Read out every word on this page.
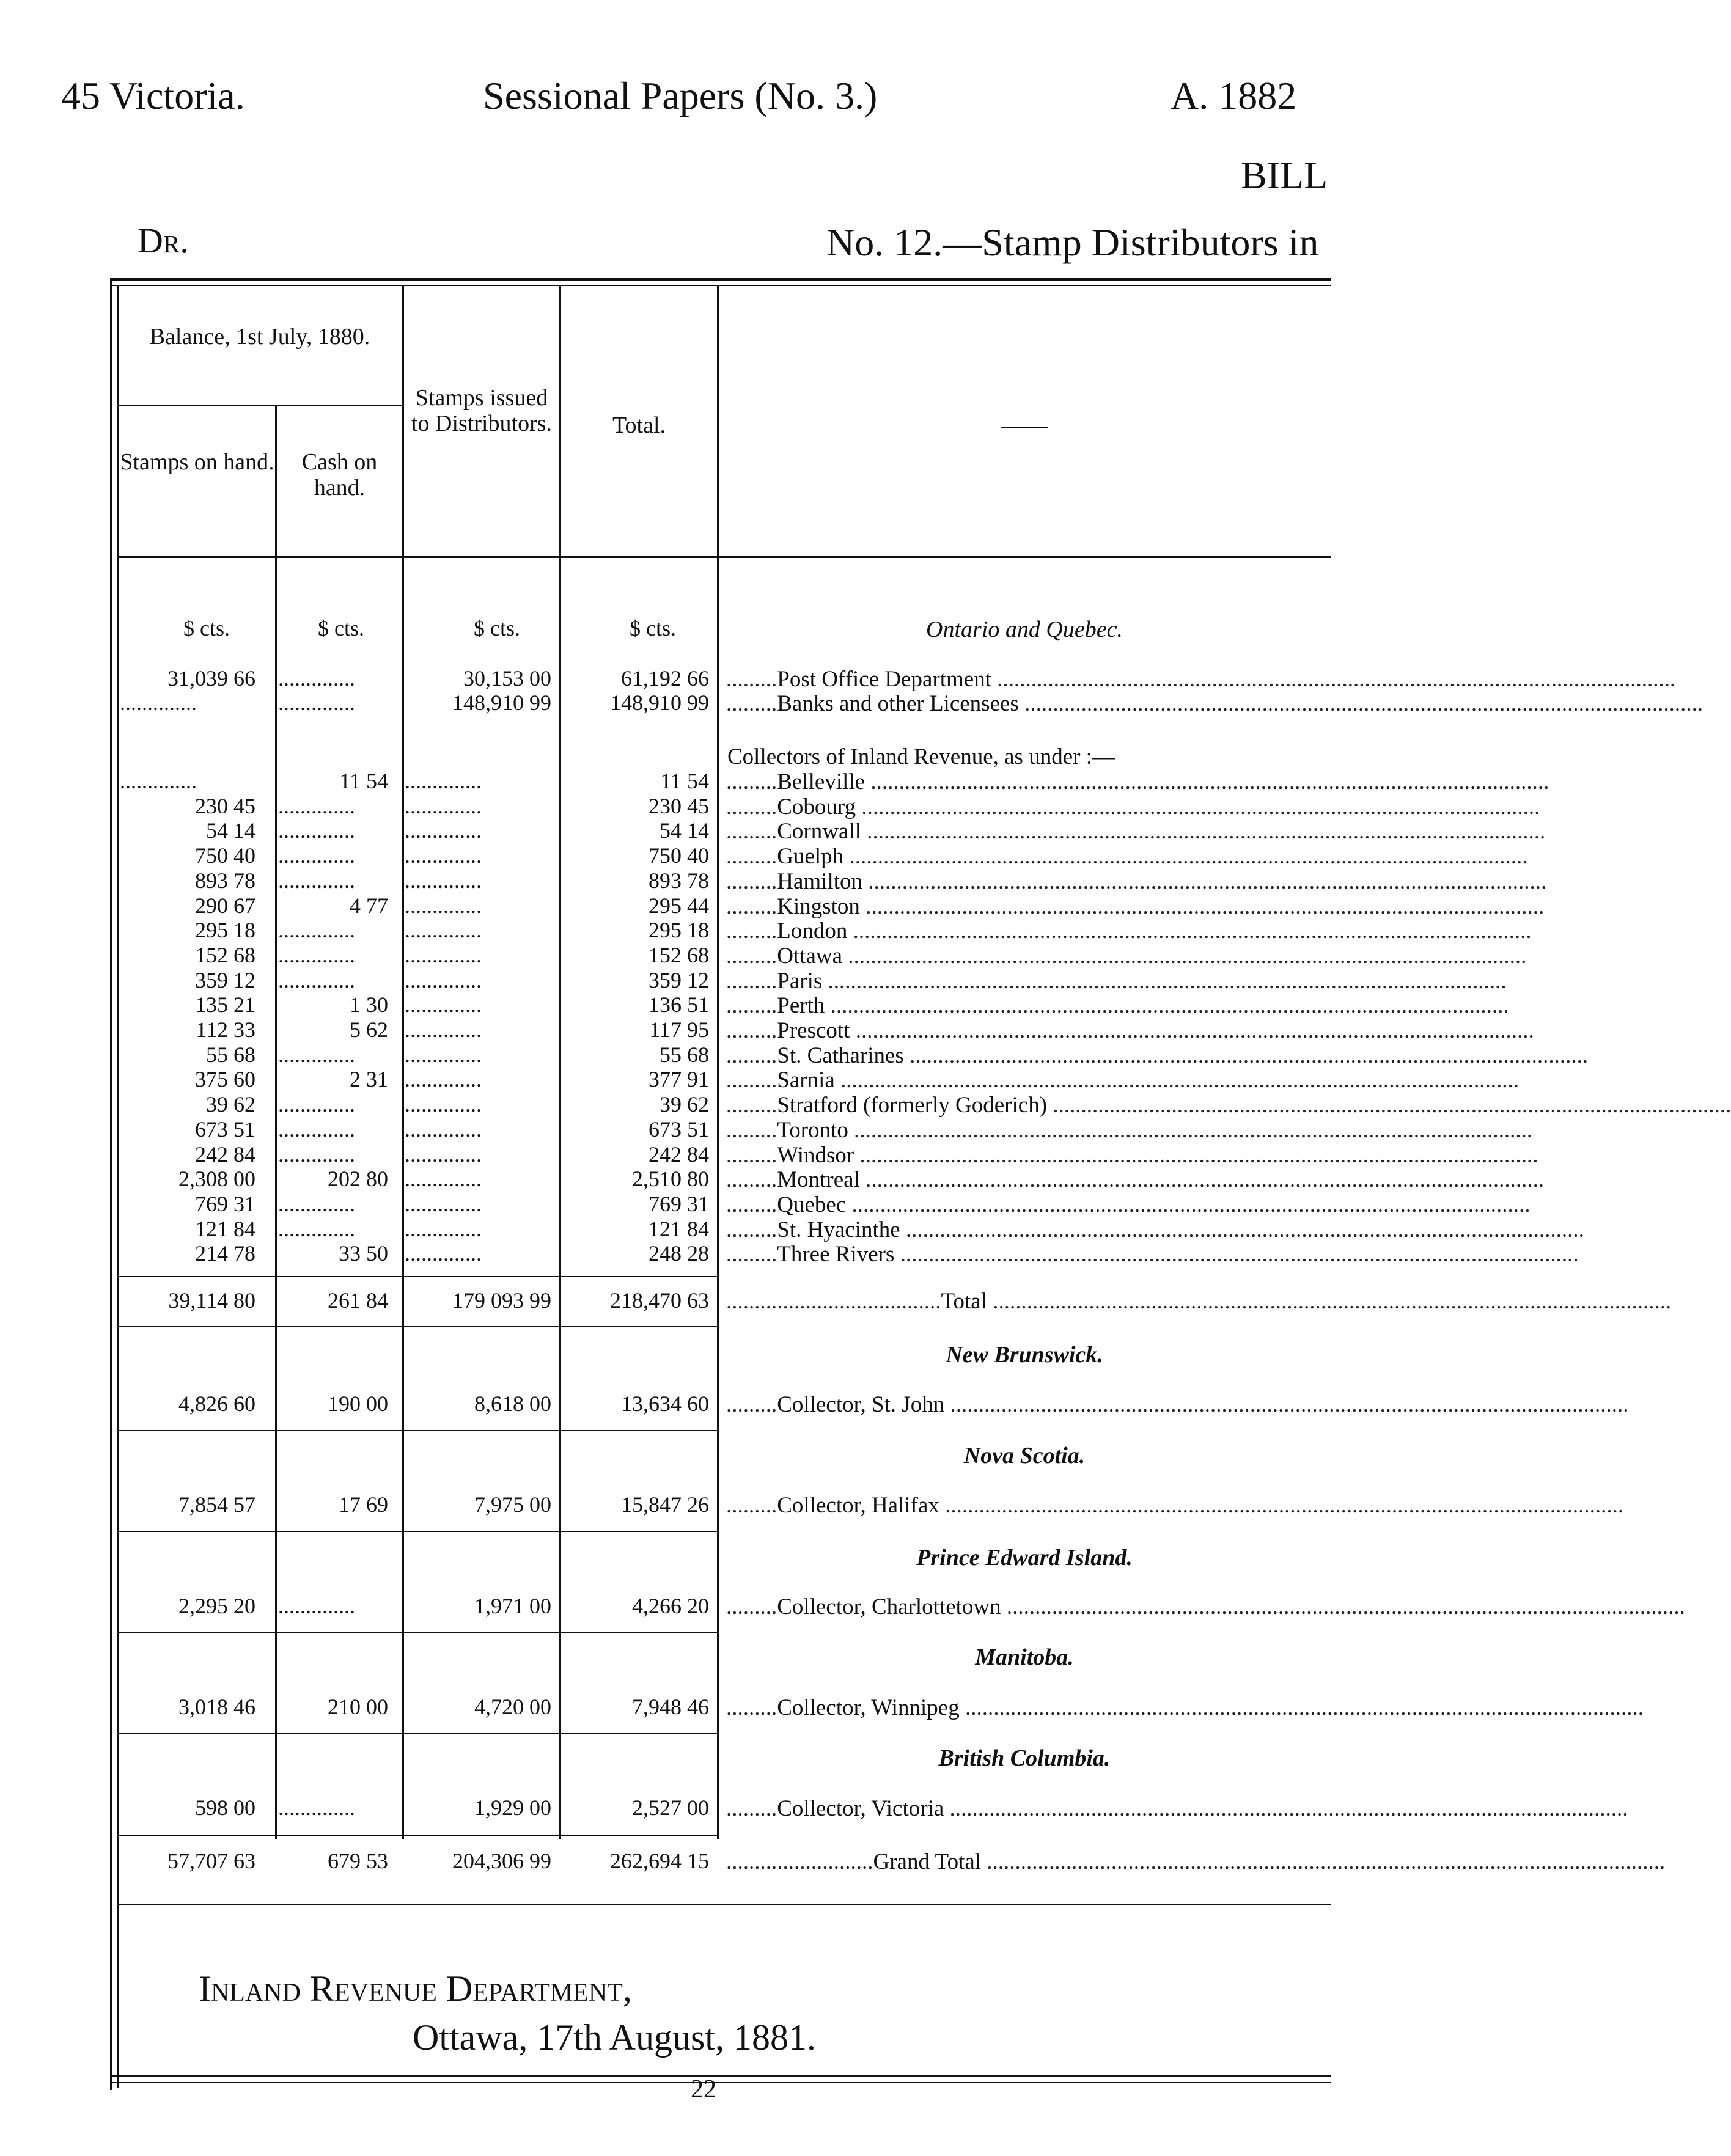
45 Victoria.	Sessional Papers (No. 3.)	A. 1882
BILL
Dr.	No. 12.—Stamp Distributors in
Balance, 1st July, 1880.
Stamps on hand.	Cash on hand.
Stamps issued to Distributors.	Total.	——
$ cts.	$ cts.	$ cts.	$ cts.	Ontario and Quebec.
31,039 66 ..............	30,153 00	61,192 66 .........Post Office Department ........................................................................................................................
..............	..............	148,910 99	148,910 99 .........Banks and other Licensees ........................................................................................................................
..............	11 54 ..............	11 54 .........Belleville ........................................................................................................................
230 45 ..............	..............	230 45 .........Cobourg ........................................................................................................................
54 14 ..............	..............	54 14 .........Cornwall ........................................................................................................................
750 40 ..............	..............	750 40 .........Guelph ........................................................................................................................
893 78 ..............	..............	893 78 .........Hamilton ........................................................................................................................
290 67	4 77 ..............	295 44 .........Kingston ........................................................................................................................
295 18 ..............	..............	295 18 .........London ........................................................................................................................
152 68 ..............	..............	152 68 .........Ottawa ........................................................................................................................
359 12 ..............	..............	359 12 .........Paris ........................................................................................................................
135 21	1 30 ..............	136 51 .........Perth ........................................................................................................................
112 33	5 62 ..............	117 95 .........Prescott ........................................................................................................................
55 68 ..............	..............	55 68 .........St. Catharines ........................................................................................................................
375 60	2 31 ..............	377 91 .........Sarnia ........................................................................................................................
39 62 ..............	..............	39 62 .........Stratford (formerly Goderich) ........................................................................................................................
673 51 ..............	..............	673 51 .........Toronto ........................................................................................................................
242 84 ..............	..............	242 84 .........Windsor ........................................................................................................................
2,308 00	202 80 ..............	2,510 80 .........Montreal ........................................................................................................................
769 31 ..............	..............	769 31 .........Quebec ........................................................................................................................
121 84 ..............	..............	121 84 .........St. Hyacinthe ........................................................................................................................
214 78	33 50 ..............	248 28 .........Three Rivers ........................................................................................................................
Collectors of Inland Revenue, as under :—
39,114 80	261 84	179 093 99	218,470 63 ......................................Total ........................................................................................................................
New Brunswick.
Nova Scotia.
Prince Edward Island.
Manitoba.
British Columbia.
4,826 60	190 00	8,618 00	13,634 60 .........Collector, St. John ........................................................................................................................
7,854 57	17 69	7,975 00	15,847 26 .........Collector, Halifax ........................................................................................................................
2,295 20 ..............	1,971 00	4,266 20 .........Collector, Charlottetown ........................................................................................................................
3,018 46	210 00	4,720 00	7,948 46 .........Collector, Winnipeg ........................................................................................................................
598 00 ..............	1,929 00	2,527 00 .........Collector, Victoria ........................................................................................................................
57,707 63	679 53	204,306 99	262,694 15 ..........................Grand Total ........................................................................................................................
Inland Revenue Department,
Ottawa, 17th August, 1881.
22
